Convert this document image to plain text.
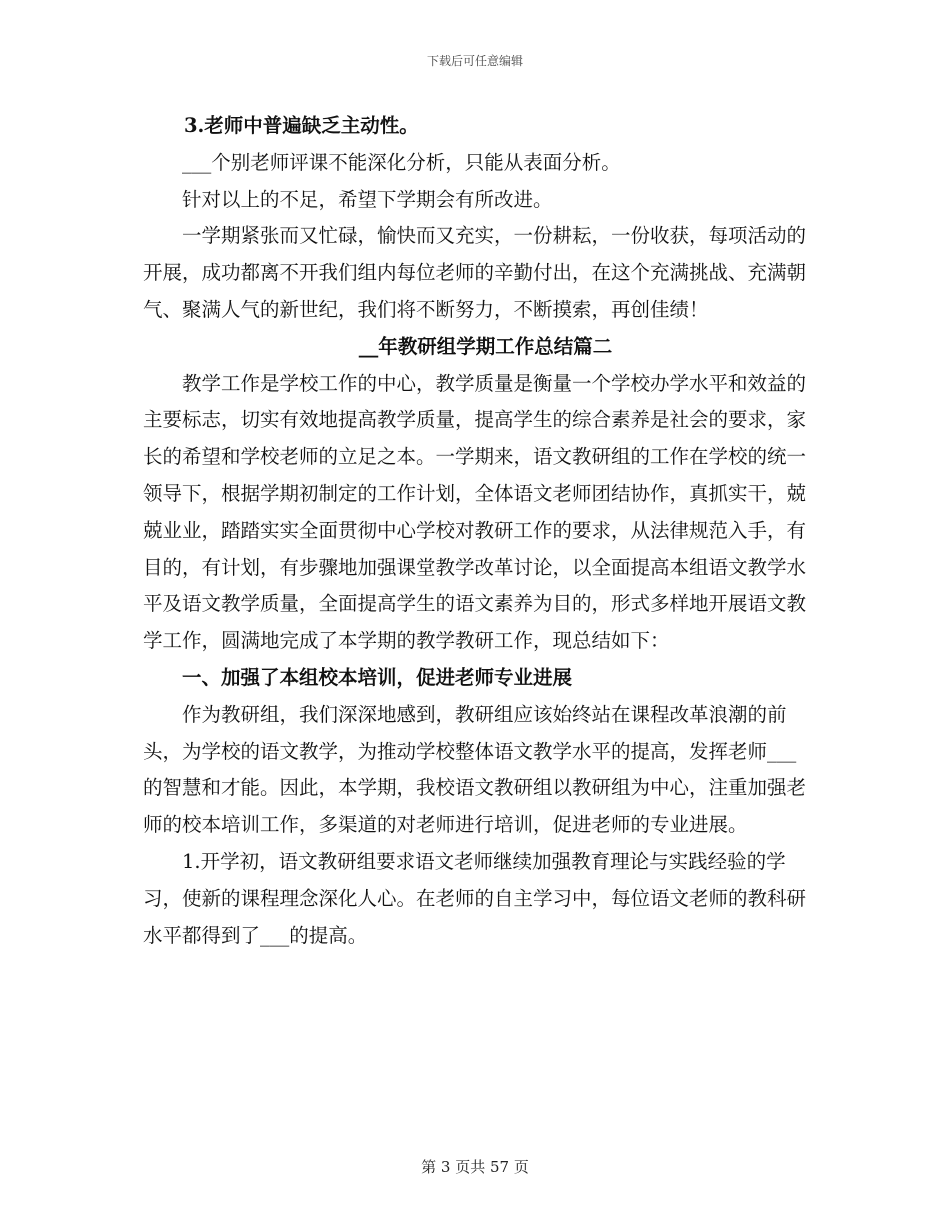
下载后可任意编辑

3.老师中普遍缺乏主动性。

___个别老师评课不能深化分析，只能从表面分析。

针对以上的不足，希望下学期会有所改进。

一学期紧张而又忙碌，愉快而又充实，一份耕耘，一份收获，每项活动的开展，成功都离不开我们组内每位老师的辛勤付出，在这个充满挑战、充满朝气、聚满人气的新世纪，我们将不断努力，不断摸索，再创佳绩！

__年教研组学期工作总结篇二

教学工作是学校工作的中心，教学质量是衡量一个学校办学水平和效益的主要标志，切实有效地提高教学质量，提高学生的综合素养是社会的要求，家长的希望和学校老师的立足之本。一学期来，语文教研组的工作在学校的统一领导下，根据学期初制定的工作计划，全体语文老师团结协作，真抓实干，兢兢业业，踏踏实实全面贯彻中心学校对教研工作的要求，从法律规范入手，有目的，有计划，有步骤地加强课堂教学改革讨论，以全面提高本组语文教学水平及语文教学质量，全面提高学生的语文素养为目的，形式多样地开展语文教学工作，圆满地完成了本学期的教学教研工作，现总结如下：

一、加强了本组校本培训，促进老师专业进展

作为教研组，我们深深地感到，教研组应该始终站在课程改革浪潮的前头，为学校的语文教学，为推动学校整体语文教学水平的提高，发挥老师___的智慧和才能。因此，本学期，我校语文教研组以教研组为中心，注重加强老师的校本培训工作，多渠道的对老师进行培训，促进老师的专业进展。

1.开学初，语文教研组要求语文老师继续加强教育理论与实践经验的学习，使新的课程理念深化人心。在老师的自主学习中，每位语文老师的教科研水平都得到了___的提高。

第 3 页共 57 页
